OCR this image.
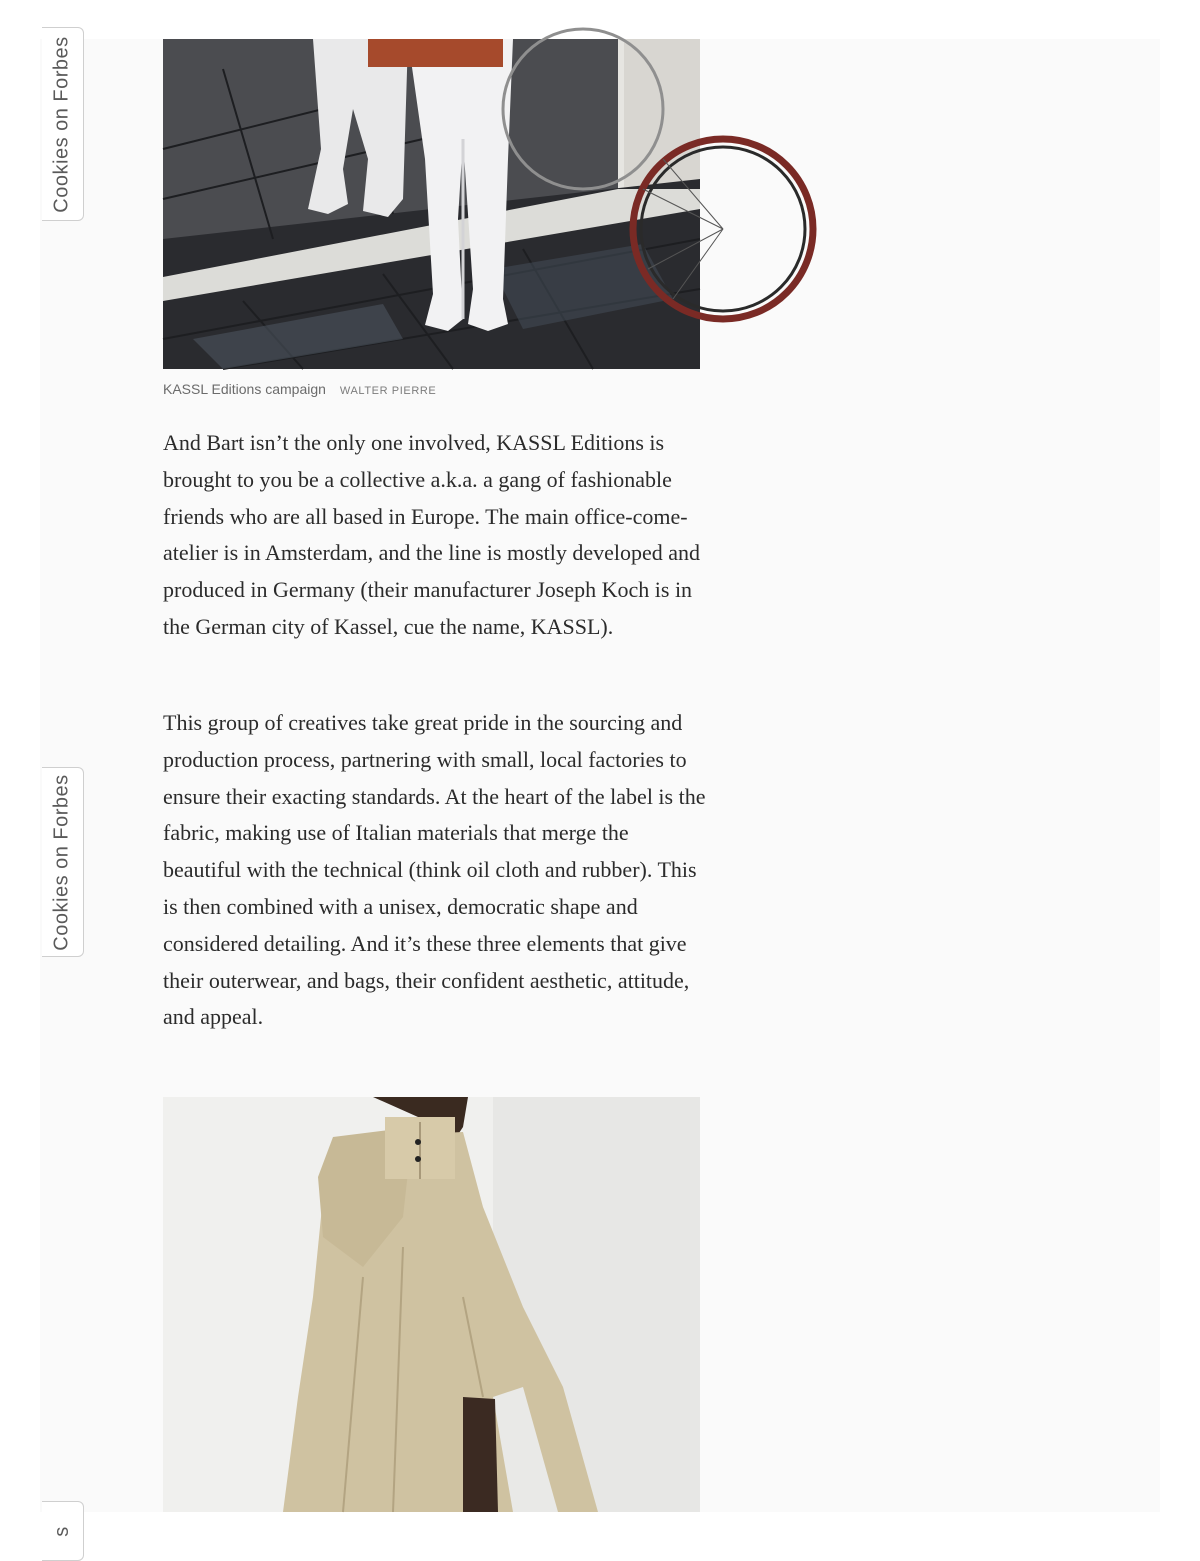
Cookies on Forbes
Cookies on Forbes
s
KASSL Editions campaign WALTER PIERRE

And Bart isn’t the only one involved, KASSL Editions is brought to you be a collective a.k.a. a gang of fashionable friends who are all based in Europe. The main office-come-atelier is in Amsterdam, and the line is mostly developed and produced in Germany (their manufacturer Joseph Koch is in the German city of Kassel, cue the name, KASSL).

This group of creatives take great pride in the sourcing and production process, partnering with small, local factories to ensure their exacting standards. At the heart of the label is the fabric, making use of Italian materials that merge the beautiful with the technical (think oil cloth and rubber). This is then combined with a unisex, democratic shape and considered detailing. And it’s these three elements that give their outerwear, and bags, their confident aesthetic, attitude, and appeal.
